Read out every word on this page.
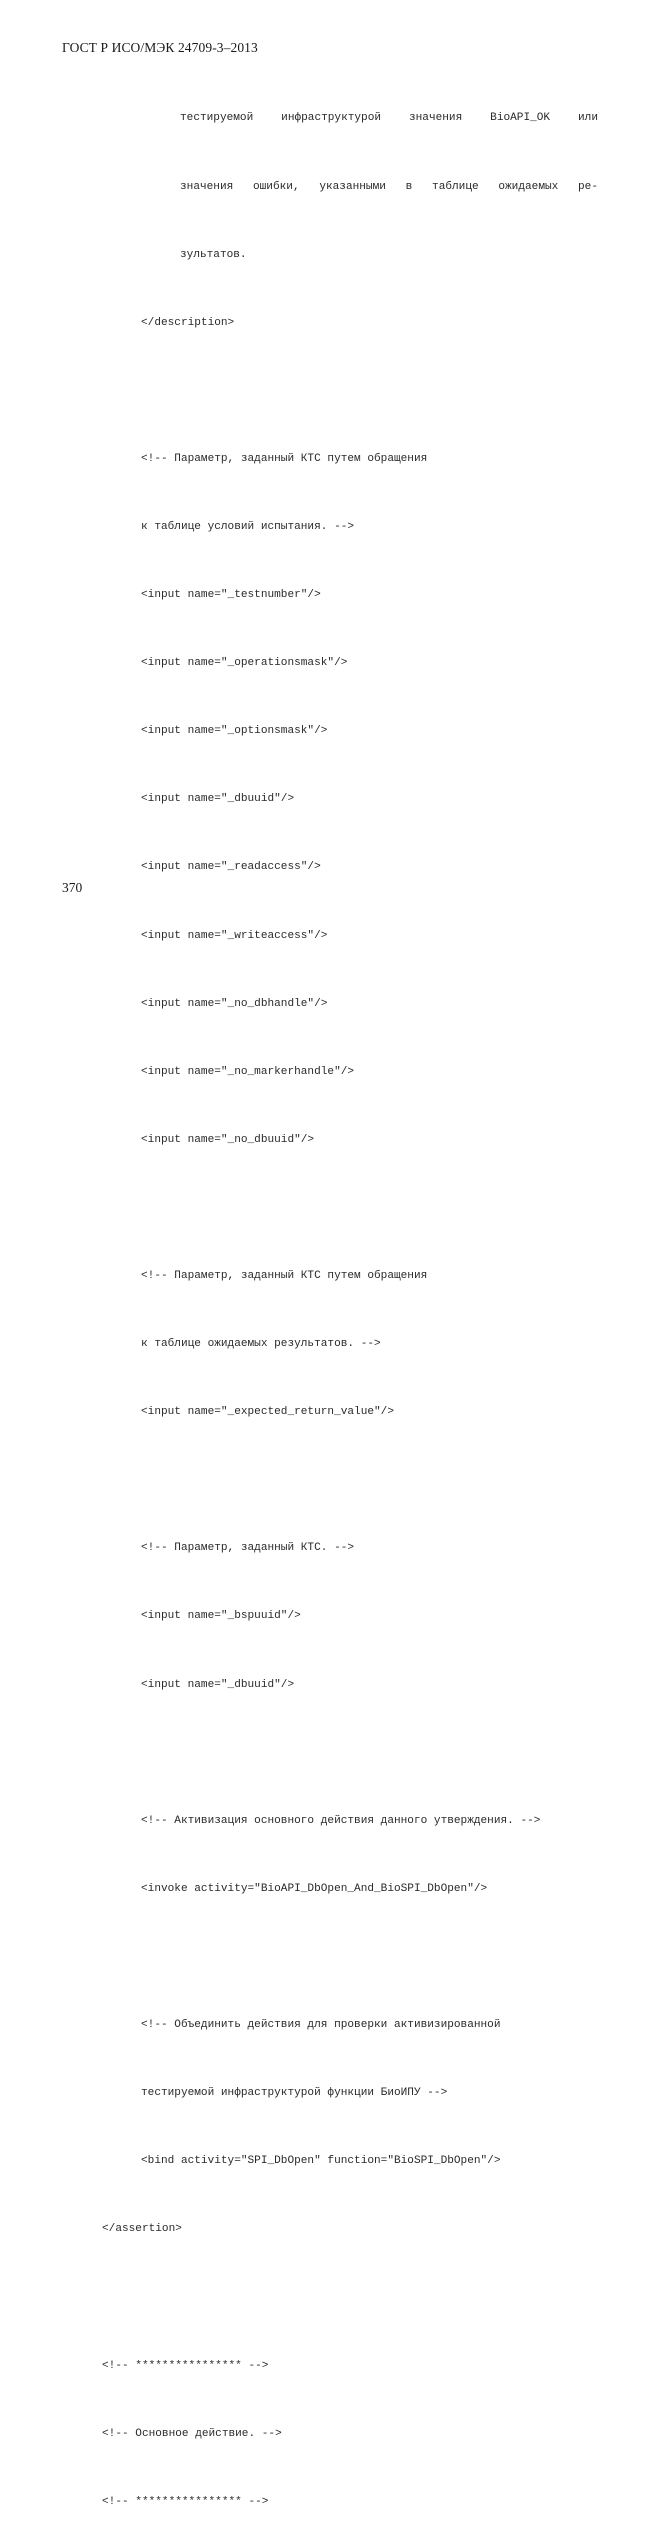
ГОСТ Р ИСО/МЭК 24709-3–2013

тестируемой инфраструктурой значения BioAPI_OK или

значения ошибки, указанными в таблице ожидаемых ре-

зультатов.

</description>

<!-- Параметр, заданный КТС путем обращения

к таблице условий испытания. -->

<input name="_testnumber"/>

<input name="_operationsmask"/>

<input name="_optionsmask"/>

<input name="_dbuuid"/>

<input name="_readaccess"/>

<input name="_writeaccess"/>

<input name="_no_dbhandle"/>

<input name="_no_markerhandle"/>

<input name="_no_dbuuid"/>

<!-- Параметр, заданный КТС путем обращения

к таблице ожидаемых результатов. -->

<input name="_expected_return_value"/>

<!-- Параметр, заданный КТС. -->

<input name="_bspuuid"/>

<input name="_dbuuid"/>

<!-- Активизация основного действия данного утверждения. -->

<invoke activity="BioAPI_DbOpen_And_BioSPI_DbOpen"/>

<!-- Объединить действия для проверки активизированной

тестируемой инфраструктурой функции БиоИПУ -->

<bind activity="SPI_DbOpen" function="BioSPI_DbOpen"/>

</assertion>

<!-- **************** -->

<!-- Основное действие. -->

<!-- **************** -->

370
